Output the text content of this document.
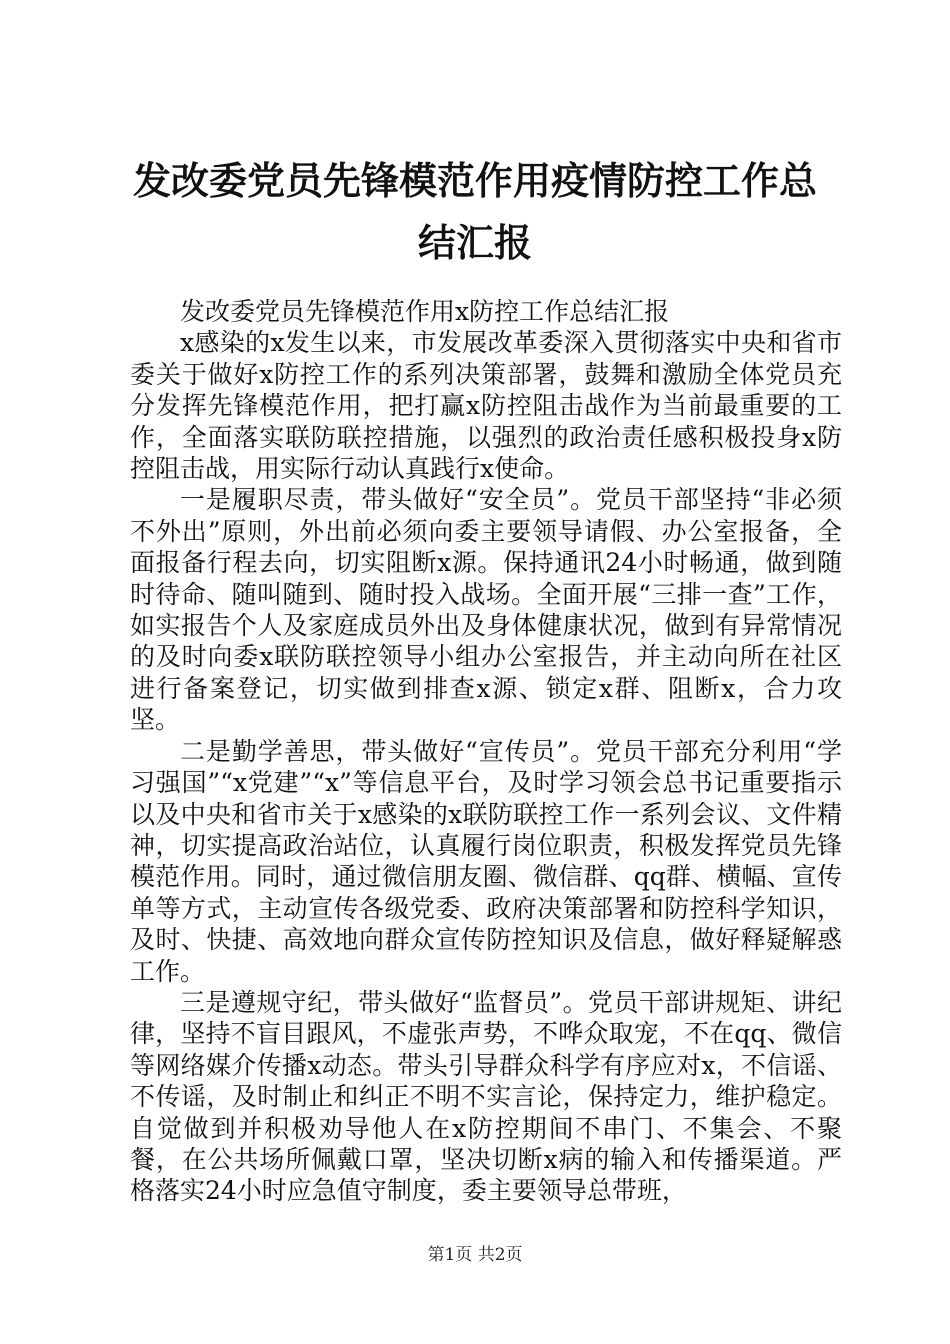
发改委党员先锋模范作用疫情防控工作总结汇报

发改委党员先锋模范作用x防控工作总结汇报

x感染的x发生以来，市发展改革委深入贯彻落实中央和省市委关于做好x防控工作的系列决策部署，鼓舞和激励全体党员充分发挥先锋模范作用，把打赢x防控阻击战作为当前最重要的工作，全面落实联防联控措施，以强烈的政治责任感积极投身x防控阻击战，用实际行动认真践行x使命。

一是履职尽责，带头做好“安全员”。党员干部坚持“非必须不外出”原则，外出前必须向委主要领导请假、办公室报备，全面报备行程去向，切实阻断x源。保持通讯24小时畅通，做到随时待命、随叫随到、随时投入战场。全面开展“三排一查”工作，如实报告个人及家庭成员外出及身体健康状况，做到有异常情况的及时向委x联防联控领导小组办公室报告，并主动向所在社区进行备案登记，切实做到排查x源、锁定x群、阻断x，合力攻坚。

二是勤学善思，带头做好“宣传员”。党员干部充分利用“学习强国”“x党建”“x”等信息平台，及时学习领会总书记重要指示以及中央和省市关于x感染的x联防联控工作一系列会议、文件精神，切实提高政治站位，认真履行岗位职责，积极发挥党员先锋模范作用。同时，通过微信朋友圈、微信群、qq群、横幅、宣传单等方式，主动宣传各级党委、政府决策部署和防控科学知识，及时、快捷、高效地向群众宣传防控知识及信息，做好释疑解惑工作。

三是遵规守纪，带头做好“监督员”。党员干部讲规矩、讲纪律，坚持不盲目跟风，不虚张声势，不哗众取宠，不在qq、微信等网络媒介传播x动态。带头引导群众科学有序应对x，不信谣、不传谣，及时制止和纠正不明不实言论，保持定力，维护稳定。自觉做到并积极劝导他人在x防控期间不串门、不集会、不聚餐，在公共场所佩戴口罩，坚决切断x病的输入和传播渠道。严格落实24小时应急值守制度，委主要领导总带班，

第1页 共2页
